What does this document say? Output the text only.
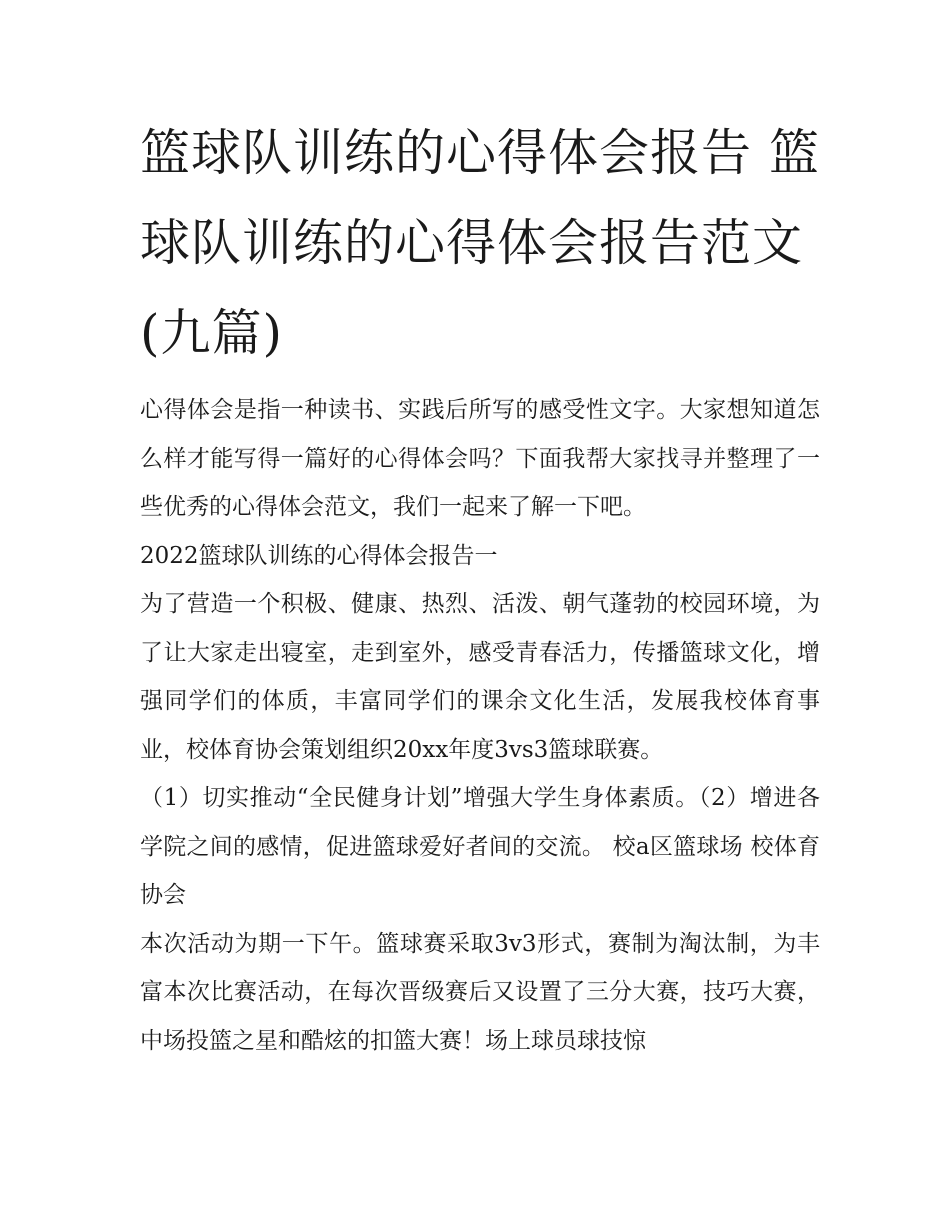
篮球队训练的心得体会报告 篮球队训练的心得体会报告范文(九篇)

心得体会是指一种读书、实践后所写的感受性文字。大家想知道怎么样才能写得一篇好的心得体会吗？下面我帮大家找寻并整理了一些优秀的心得体会范文，我们一起来了解一下吧。

2022篮球队训练的心得体会报告一

为了营造一个积极、健康、热烈、活泼、朝气蓬勃的校园环境，为了让大家走出寝室，走到室外，感受青春活力，传播篮球文化，增强同学们的体质，丰富同学们的课余文化生活，发展我校体育事业，校体育协会策划组织20xx年度3vs3篮球联赛。

（1）切实推动“全民健身计划”增强大学生身体素质。（2）增进各学院之间的感情，促进篮球爱好者间的交流。 校a区篮球场 校体育协会

本次活动为期一下午。篮球赛采取3v3形式，赛制为淘汰制，为丰富本次比赛活动，在每次晋级赛后又设置了三分大赛，技巧大赛，中场投篮之星和酷炫的扣篮大赛！场上球员球技惊
